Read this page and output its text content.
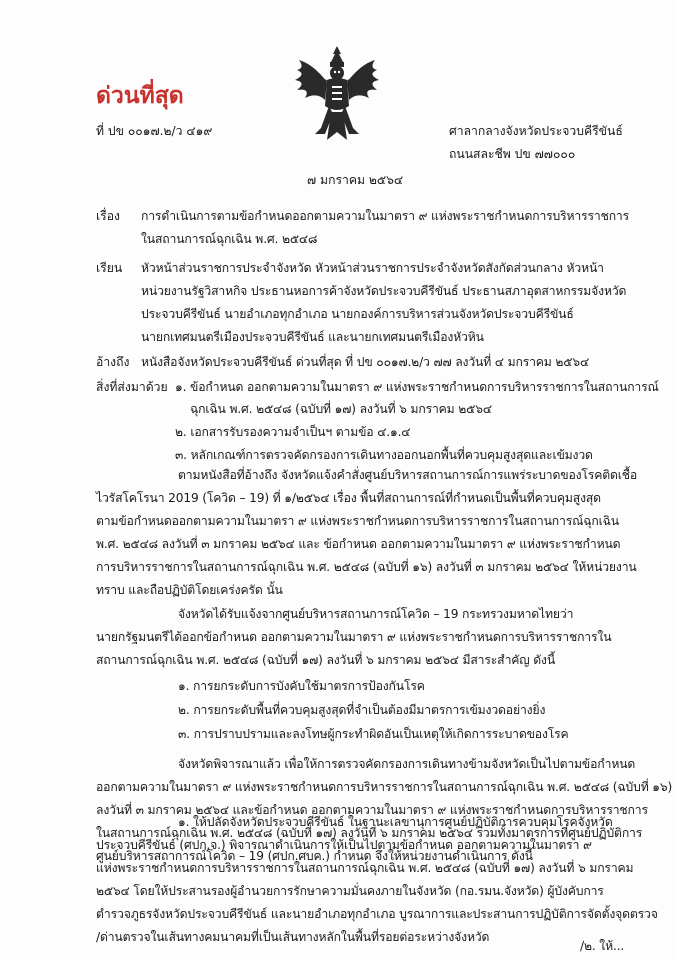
ด่วนที่สุด
ที่ ปข ๐๐๑๗.๒/ว ๔๑๙	ศาลากลางจังหวัดประจวบคีรีขันธ์
ถนนสละชีพ ปข ๗๗๐๐๐
๗ มกราคม ๒๕๖๔
เรื่อง การดำเนินการตามข้อกำหนดออกตามความในมาตรา ๙ แห่งพระราชกำหนดการบริหารราชการ
ในสถานการณ์ฉุกเฉิน พ.ศ. ๒๕๔๘
เรียน หัวหน้าส่วนราชการประจำจังหวัด หัวหน้าส่วนราชการประจำจังหวัดสังกัดส่วนกลาง หัวหน้า
หน่วยงานรัฐวิสาหกิจ ประธานหอการค้าจังหวัดประจวบคีรีขันธ์ ประธานสภาอุตสาหกรรมจังหวัด
ประจวบคีรีขันธ์ นายอำเภอทุกอำเภอ นายกองค์การบริหารส่วนจังหวัดประจวบคีรีขันธ์
นายกเทศมนตรีเมืองประจวบคีรีขันธ์ และนายกเทศมนตรีเมืองหัวหิน
อ้างถึง หนังสือจังหวัดประจวบคีรีขันธ์ ด่วนที่สุด ที่ ปข ๐๐๑๗.๒/ว ๗๗ ลงวันที่ ๔ มกราคม ๒๕๖๔
สิ่งที่ส่งมาด้วย ๑. ข้อกำหนด ออกตามความในมาตรา ๙ แห่งพระราชกำหนดการบริหารราชการในสถานการณ์
ฉุกเฉิน พ.ศ. ๒๕๔๘ (ฉบับที่ ๑๗) ลงวันที่ ๖ มกราคม ๒๕๖๔
๒. เอกสารรับรองความจำเป็นฯ ตามข้อ ๔.๑.๔
๓. หลักเกณฑ์การตรวจคัดกรองการเดินทางออกนอกพื้นที่ควบคุมสูงสุดและเข้มงวด
ตามหนังสือที่อ้างถึง จังหวัดแจ้งคำสั่งศูนย์บริหารสถานการณ์การแพร่ระบาดของโรคติดเชื้อ
ไวรัสโคโรนา 2019 (โควิด – 19) ที่ ๑/๒๕๖๔ เรื่อง พื้นที่สถานการณ์ที่กำหนดเป็นพื้นที่ควบคุมสูงสุด
ตามข้อกำหนดออกตามความในมาตรา ๙ แห่งพระราชกำหนดการบริหารราชการในสถานการณ์ฉุกเฉิน
พ.ศ. ๒๕๔๘ ลงวันที่ ๓ มกราคม ๒๕๖๔ และ ข้อกำหนด ออกตามความในมาตรา ๙ แห่งพระราชกำหนด
การบริหารราชการในสถานการณ์ฉุกเฉิน พ.ศ. ๒๕๔๘ (ฉบับที่ ๑๖) ลงวันที่ ๓ มกราคม ๒๕๖๔ ให้หน่วยงาน
ทราบ และถือปฏิบัติโดยเคร่งครัด นั้น
จังหวัดได้รับแจ้งจากศูนย์บริหารสถานการณ์โควิด – 19 กระทรวงมหาดไทยว่า
นายกรัฐมนตรีได้ออกข้อกำหนด ออกตามความในมาตรา ๙ แห่งพระราชกำหนดการบริหารราชการใน
สถานการณ์ฉุกเฉิน พ.ศ. ๒๕๔๘ (ฉบับที่ ๑๗) ลงวันที่ ๖ มกราคม ๒๕๖๔ มีสาระสำคัญ ดังนี้
๑. การยกระดับการบังคับใช้มาตรการป้องกันโรค
๒. การยกระดับพื้นที่ควบคุมสูงสุดที่จำเป็นต้องมีมาตรการเข้มงวดอย่างยิ่ง
๓. การปราบปรามและลงโทษผู้กระทำผิดอันเป็นเหตุให้เกิดการระบาดของโรค
จังหวัดพิจารณาแล้ว เพื่อให้การตรวจคัดกรองการเดินทางข้ามจังหวัดเป็นไปตามข้อกำหนด
ออกตามความในมาตรา ๙ แห่งพระราชกำหนดการบริหารราชการในสถานการณ์ฉุกเฉิน พ.ศ. ๒๕๔๘ (ฉบับที่ ๑๖)
ลงวันที่ ๓ มกราคม ๒๕๖๔ และข้อกำหนด ออกตามความในมาตรา ๙ แห่งพระราชกำหนดการบริหารราชการ
ในสถานการณ์ฉุกเฉิน พ.ศ. ๒๕๔๘ (ฉบับที่ ๑๗) ลงวันที่ ๖ มกราคม ๒๕๖๔ รวมทั้งมาตรการที่ศูนย์ปฏิบัติการ
ศูนย์บริหารสถาการณ์โควิด – 19 (ศปก.ศบค.) กำหนด จึงให้หน่วยงานดำเนินการ ดังนี้
๑. ให้ปลัดจังหวัดประจวบคีรีขันธ์ ในฐานะเลขานุการศูนย์ปฏิบัติการควบคุมโรคจังหวัด
ประจวบคีรีขันธ์ (ศปก.จ.) พิจารณาดำเนินการให้เป็นไปตามข้อกำหนด ออกตามความในมาตรา ๙
แห่งพระราชกำหนดการบริหารราชการในสถานการณ์ฉุกเฉิน พ.ศ. ๒๕๔๘ (ฉบับที่ ๑๗) ลงวันที่ ๖ มกราคม
๒๕๖๔ โดยให้ประสานรองผู้อำนวยการรักษาความมั่นคงภายในจังหวัด (กอ.รมน.จังหวัด) ผู้บังคับการ
ตำรวจภูธรจังหวัดประจวบคีรีขันธ์ และนายอำเภอทุกอำเภอ บูรณาการและประสานการปฏิบัติการจัดตั้งจุดตรวจ
/ด่านตรวจในเส้นทางคมนาคมที่เป็นเส้นทางหลักในพื้นที่รอยต่อระหว่างจังหวัด
/๒. ให้...
